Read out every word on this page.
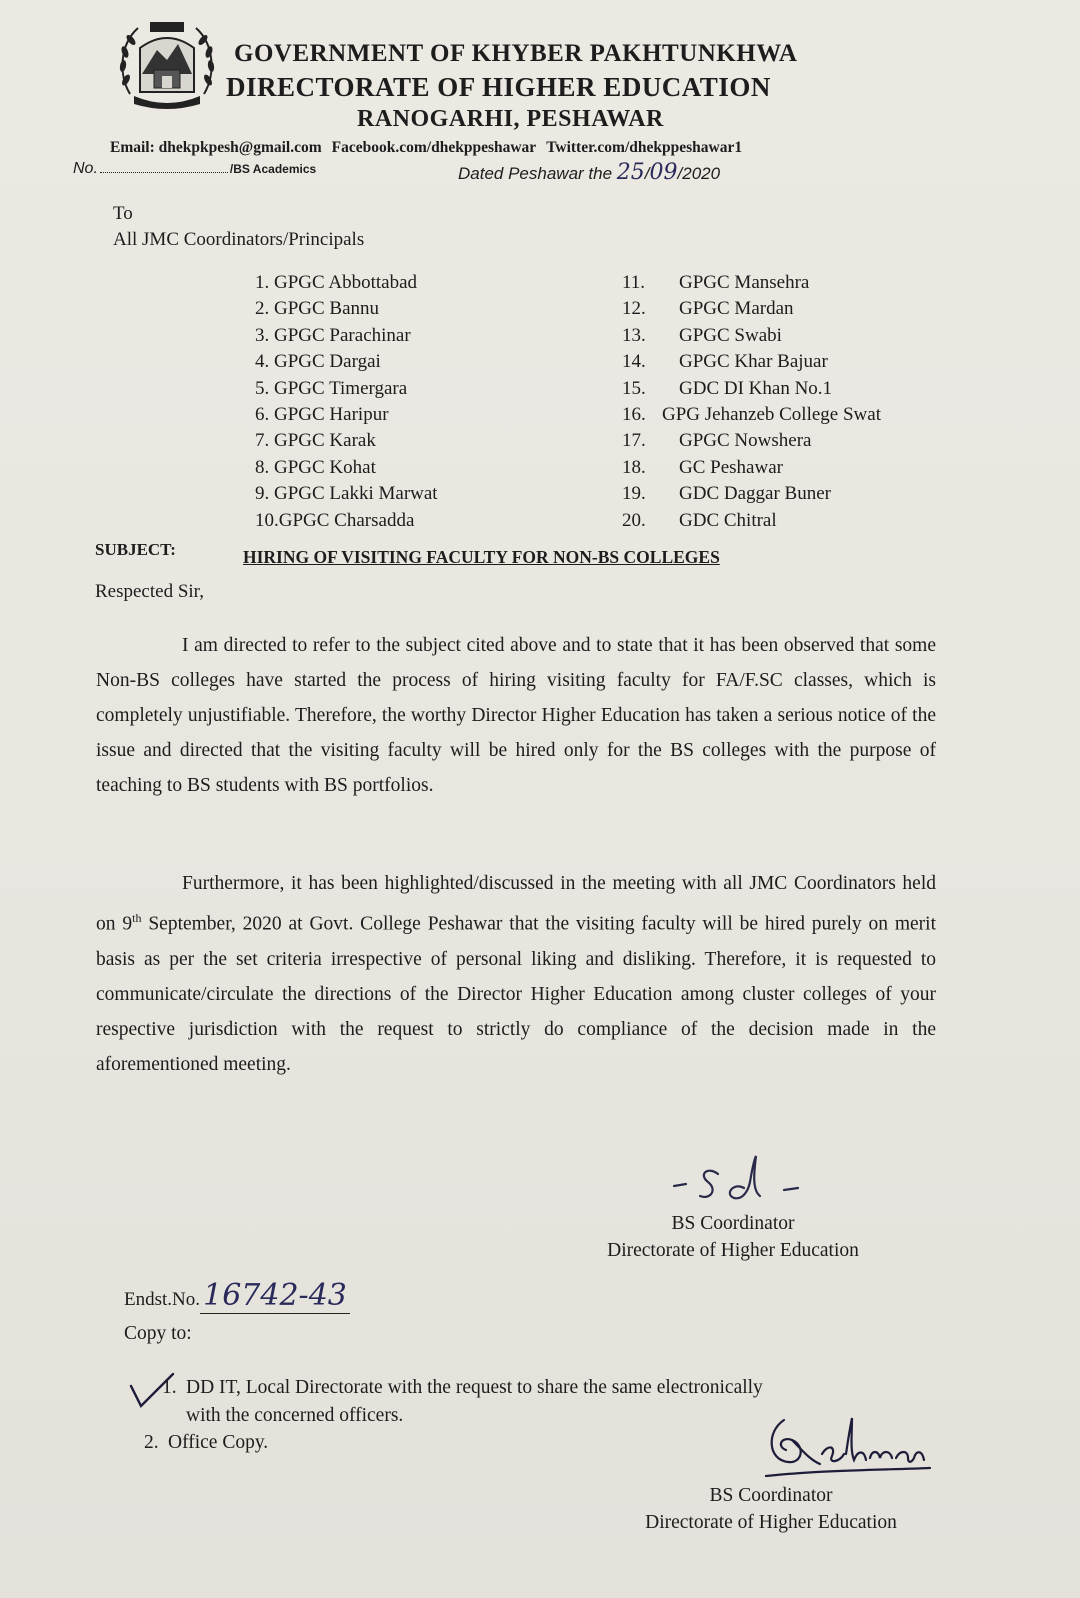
GOVERNMENT OF KHYBER PAKHTUNKHWA
DIRECTORATE OF HIGHER EDUCATION
RANOGARHI, PESHAWAR
Email: dhekpkpesh@gmail.com Facebook.com/dhekppeshawar Twitter.com/dhekppeshawar1
No.	/BS Academics	Dated Peshawar the 25/09/2020
To
All JMC Coordinators/Principals
1. GPGC Abbottabad
2. GPGC Bannu
3. GPGC Parachinar
4. GPGC Dargai
5. GPGC Timergara
6. GPGC Haripur
7. GPGC Karak
8. GPGC Kohat
9. GPGC Lakki Marwat
10.GPGC Charsadda
11. GPGC Mansehra
12. GPGC Mardan
13. GPGC Swabi
14. GPGC Khar Bajuar
15. GDC DI Khan No.1
16. GPG Jehanzeb College Swat
17. GPGC Nowshera
18. GC Peshawar
19. GDC Daggar Buner
20. GDC Chitral
SUBJECT:	HIRING OF VISITING FACULTY FOR NON-BS COLLEGES
Respected Sir,
I am directed to refer to the subject cited above and to state that it has been observed that some Non-BS colleges have started the process of hiring visiting faculty for FA/F.SC classes, which is completely unjustifiable. Therefore, the worthy Director Higher Education has taken a serious notice of the issue and directed that the visiting faculty will be hired only for the BS colleges with the purpose of teaching to BS students with BS portfolios.
Furthermore, it has been highlighted/discussed in the meeting with all JMC Coordinators held on 9th September, 2020 at Govt. College Peshawar that the visiting faculty will be hired purely on merit basis as per the set criteria irrespective of personal liking and disliking. Therefore, it is requested to communicate/circulate the directions of the Director Higher Education among cluster colleges of your respective jurisdiction with the request to strictly do compliance of the decision made in the aforementioned meeting.
BS Coordinator
Directorate of Higher Education
Endst.No. 16742-43
Copy to:
1. DD IT, Local Directorate with the request to share the same electronically
with the concerned officers.
2. Office Copy.
BS Coordinator
Directorate of Higher Education
